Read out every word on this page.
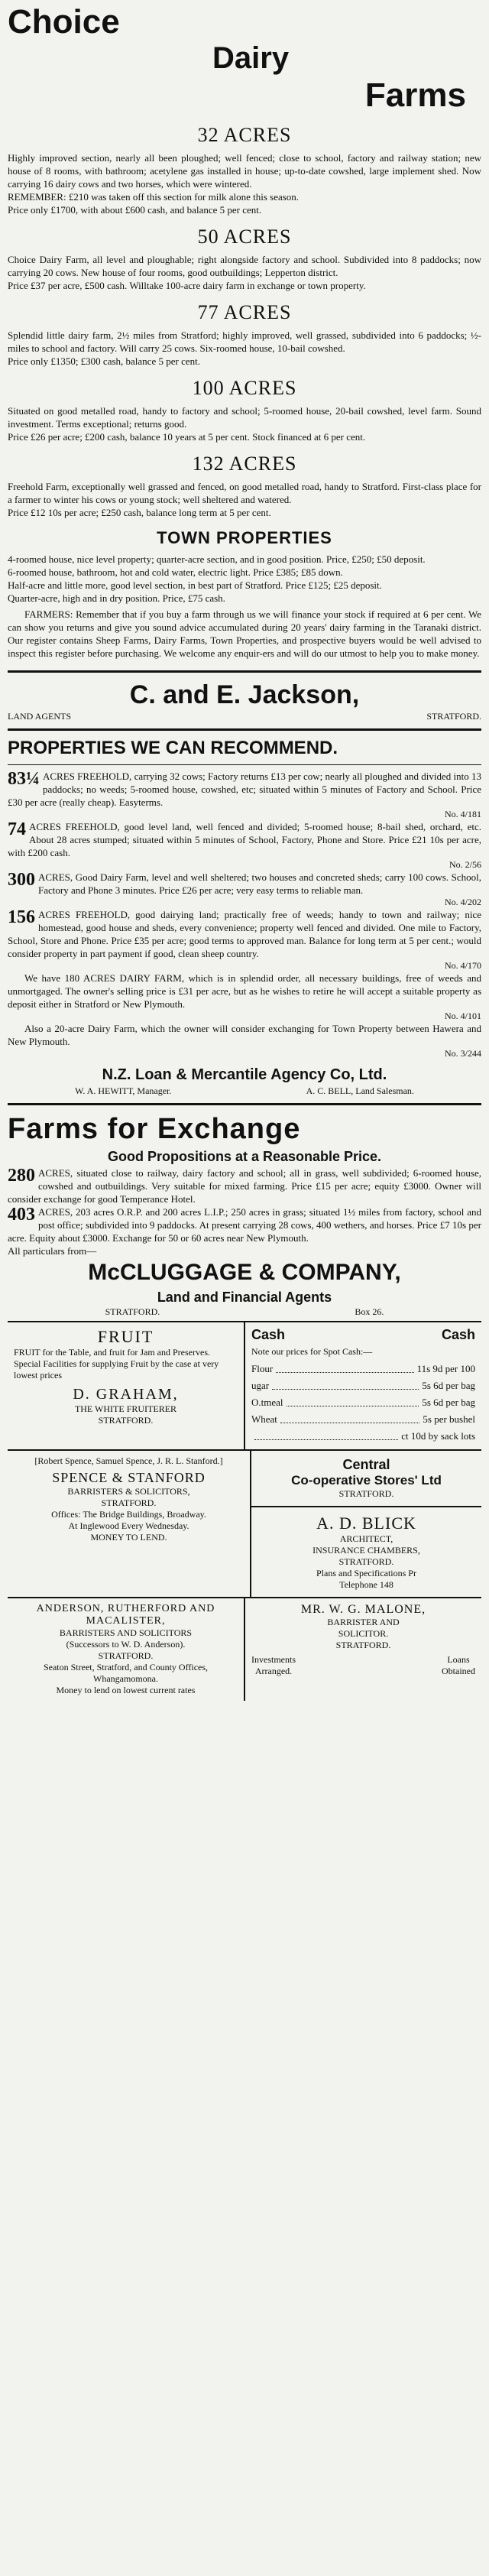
Choice
Dairy
Farms
32 ACRES

Highly improved section, nearly all been ploughed; well fenced; close to school, factory and railway station; new house of 8 rooms, with bathroom; acetylene gas installed in house; up-to-date cowshed, large implement shed. Now carrying 16 dairy cows and two horses, which were wintered.

REMEMBER: £210 was taken off this section for milk alone this season.

Price only £1700, with about £600 cash, and balance 5 per cent.

50 ACRES

Choice Dairy Farm, all level and ploughable; right alongside factory and school. Subdivided into 8 paddocks; now carrying 20 cows. New house of four rooms, good outbuildings; Lepperton district.

Price £37 per acre, £500 cash. Willtake 100-acre dairy farm in exchange or town property.

77 ACRES

Splendid little dairy farm, 2½ miles from Stratford; highly improved, well grassed, subdivided into 6 paddocks; ½-miles to school and factory. Will carry 25 cows. Six-roomed house, 10-bail cowshed.

Price only £1350; £300 cash, balance 5 per cent.

100 ACRES

Situated on good metalled road, handy to factory and school; 5-roomed house, 20-bail cowshed, level farm. Sound investment. Terms exceptional; returns good.

Price £26 per acre; £200 cash, balance 10 years at 5 per cent. Stock financed at 6 per cent.

132 ACRES

Freehold Farm, exceptionally well grassed and fenced, on good metalled road, handy to Stratford. First-class place for a farmer to winter his cows or young stock; well sheltered and watered.

Price £12 10s per acre; £250 cash, balance long term at 5 per cent.

TOWN PROPERTIES

4-roomed house, nice level property; quarter-acre section, and in good position. Price, £250; £50 deposit.

6-roomed house, bathroom, hot and cold water, electric light. Price £385; £85 down.

Half-acre and little more, good level section, in best part of Stratford. Price £125; £25 deposit.

Quarter-acre, high and in dry position. Price, £75 cash.

FARMERS: Remember that if you buy a farm through us we will finance your stock if required at 6 per cent. We can show you returns and give you sound advice accumulated during 20 years' dairy farming in the Taranaki district. Our register contains Sheep Farms, Dairy Farms, Town Properties, and prospective buyers would be well advised to inspect this register before purchasing. We welcome any enquir-ers and will do our utmost to help you to make money.

C. and E. Jackson,
LAND AGENTS	STRATFORD.
PROPERTIES WE CAN RECOMMEND.
83¼ ACRES FREEHOLD, carrying 32 cows; Factory returns £13 per cow; nearly all ploughed and divided into 13 paddocks; no weeds; 5-roomed house, cowshed, etc; situated within 5 minutes of Factory and School. Price £30 per acre (really cheap). Easyterms.

No. 4/181
74 ACRES FREEHOLD, good level land, well fenced and divided; 5-roomed house; 8-bail shed, orchard, etc. About 28 acres stumped; situated within 5 minutes of School, Factory, Phone and Store. Price £21 10s per acre, with £200 cash.

No. 2/56
300 ACRES, Good Dairy Farm, level and well sheltered; two houses and concreted sheds; carry 100 cows. School, Factory and Phone 3 minutes. Price £26 per acre; very easy terms to reliable man.

No. 4/202
156 ACRES FREEHOLD, good dairying land; practically free of weeds; handy to town and railway; nice homestead, good house and sheds, every convenience; property well fenced and divided. One mile to Factory, School, Store and Phone. Price £35 per acre; good terms to approved man. Balance for long term at 5 per cent.; would consider property in part payment if good, clean sheep country.

No. 4/170

We have 180 ACRES DAIRY FARM, which is in splendid order, all necessary buildings, free of weeds and unmortgaged. The owner's selling price is £31 per acre, but as he wishes to retire he will accept a suitable property as deposit either in Stratford or New Plymouth.

No. 4/101

Also a 20-acre Dairy Farm, which the owner will consider exchanging for Town Property between Hawera and New Plymouth.

No. 3/244
N.Z. Loan & Mercantile Agency Co, Ltd.
W. A. HEWITT, Manager.	A. C. BELL, Land Salesman.
Farms for Exchange
Good Propositions at a Reasonable Price.
280 ACRES, situated close to railway, dairy factory and school; all in grass, well subdivided; 6-roomed house, cowshed and outbuildings. Very suitable for mixed farming. Price £15 per acre; equity £3000. Owner will consider exchange for good Temperance Hotel.

403 ACRES, 203 acres O.R.P. and 200 acres L.I.P.; 250 acres in grass; situated 1½ miles from factory, school and post office; subdivided into 9 paddocks. At present carrying 28 cows, 400 wethers, and horses. Price £7 10s per acre. Equity about £3000. Exchange for 50 or 60 acres near New Plymouth.

All particulars from—
McCLUGGAGE & COMPANY,
Land and Financial Agents
STRATFORD.	Box 26.
FRUIT

FRUIT for the Table, and fruit for Jam and Preserves. Special Facilities for supplying Fruit by the case at very lowest prices

D. GRAHAM,
THE WHITE FRUITERER
STRATFORD.
Cash	Cash
Note our prices for Spot Cash:—
Flour	11s 9d per 100
ugar	5s 6d per bag
O.tmeal	5s 6d per bag
Wheat	5s per bushel
ct 10d by sack lots
[Robert Spence, Samuel Spence, J. R. L. Stanford.]
SPENCE & STANFORD
BARRISTERS & SOLICITORS,
STRATFORD.
Offices: The Bridge Buildings, Broadway.
At Inglewood Every Wednesday.
MONEY TO LEND.
Central
Co-operative Stores' Ltd
STRATFORD.
A. D. BLICK
ARCHITECT,
INSURANCE CHAMBERS,
STRATFORD.
Plans and Specifications Pr
Telephone 148
ANDERSON, RUTHERFORD AND
MACALISTER,
BARRISTERS AND SOLICITORS
(Successors to W. D. Anderson).
STRATFORD.
Seaton Street, Stratford, and County Offices, Whangamomona.
Money to lend on lowest current rates
MR. W. G. MALONE,
BARRISTER AND
SOLICITOR.
STRATFORD.
Investments
Arranged.
Loans
Obtained
